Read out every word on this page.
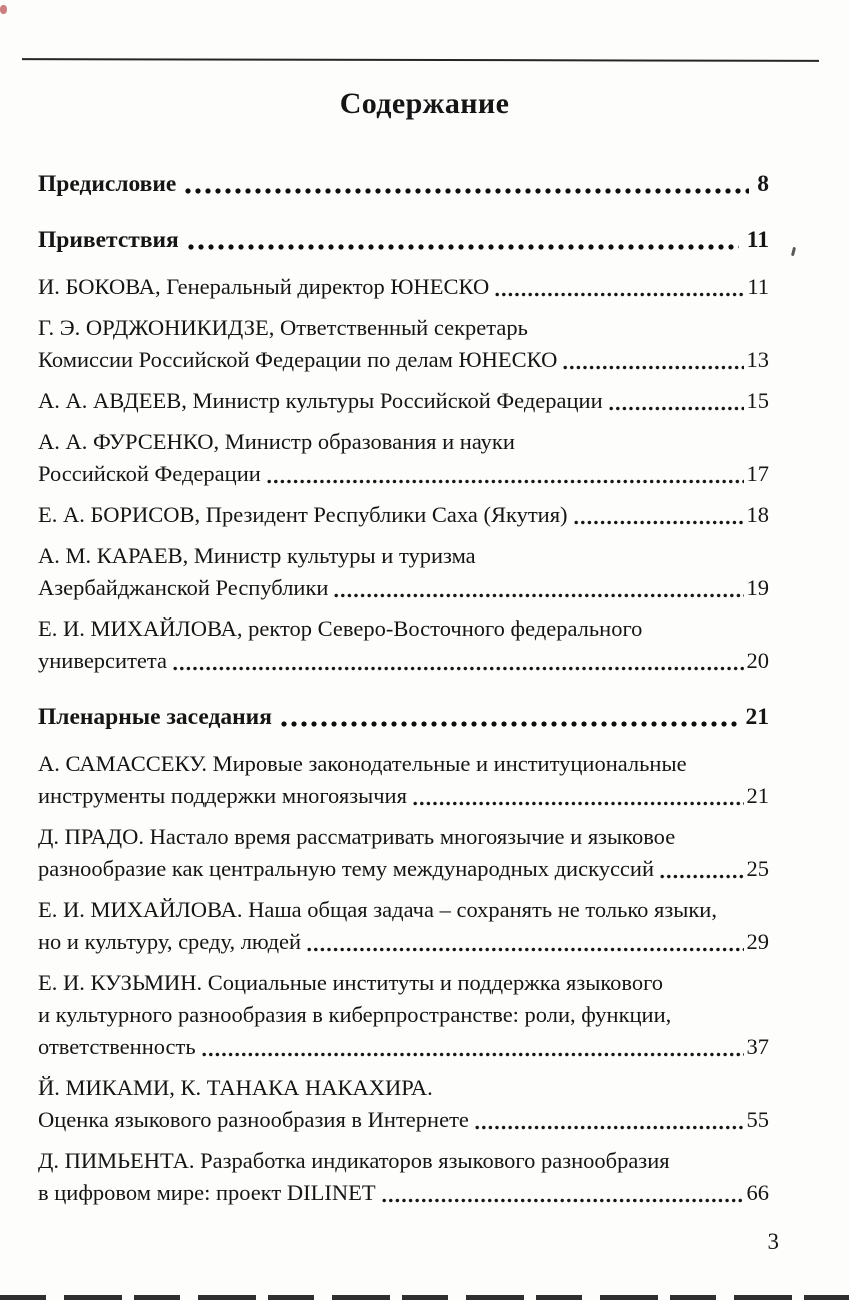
Содержание
Предисловие	8
Приветствия	11
И. БОКОВА, Генеральный директор ЮНЕСКО	11
Г. Э. ОРДЖОНИКИДЗЕ, Ответственный секретарь
Комиссии Российской Федерации по делам ЮНЕСКО	13
А. А. АВДЕЕВ, Министр культуры Российской Федерации	15
А. А. ФУРСЕНКО, Министр образования и науки
Российской Федерации	17
Е. А. БОРИСОВ, Президент Республики Саха (Якутия)	18
А. М. КАРАЕВ, Министр культуры и туризма
Азербайджанской Республики	19
Е. И. МИХАЙЛОВА, ректор Северо-Восточного федерального
университета	20
Пленарные заседания	21
А. САМАССЕКУ. Мировые законодательные и институциональные
инструменты поддержки многоязычия	21
Д. ПРАДО. Настало время рассматривать многоязычие и языковое
разнообразие как центральную тему международных дискуссий	25
Е. И. МИХАЙЛОВА. Наша общая задача – сохранять не только языки,
но и культуру, среду, людей	29
Е. И. КУЗЬМИН. Социальные институты и поддержка языкового
и культурного разнообразия в киберпространстве: роли, функции,
ответственность	37
Й. МИКАМИ, К. ТАНАКА НАКАХИРА.
Оценка языкового разнообразия в Интернете	55
Д. ПИМЬЕНТА. Разработка индикаторов языкового разнообразия
в цифровом мире: проект DILINET	66
3
